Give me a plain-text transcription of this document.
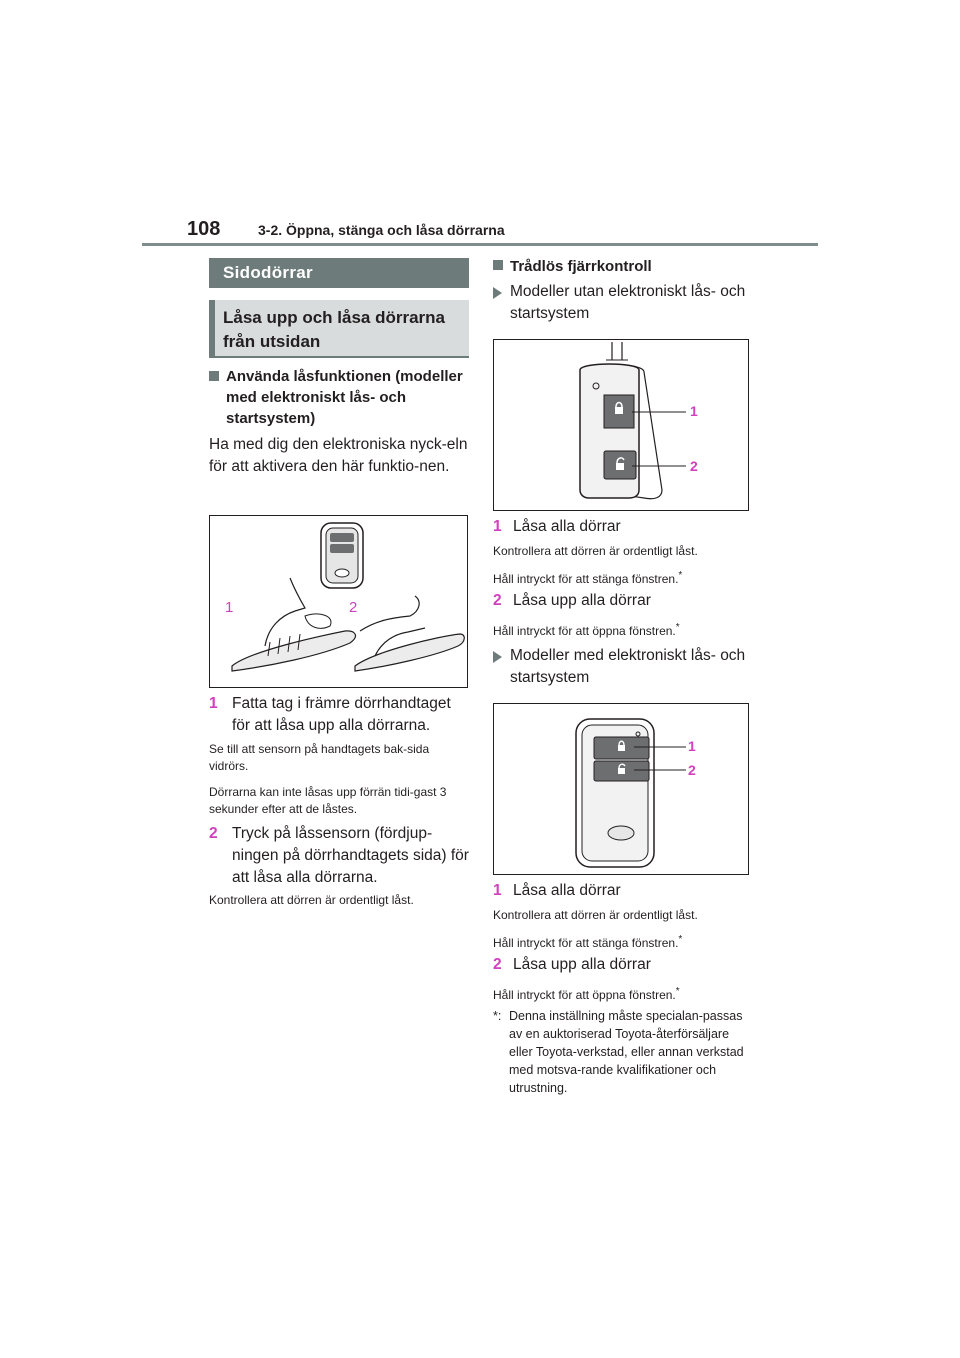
108	3-2. Öppna, stänga och låsa dörrarna
Sidodörrar
Låsa upp och låsa dörrarna från utsidan
Använda låsfunktionen (modeller med elektroniskt lås- och startsystem)
Ha med dig den elektroniska nyck-eln för att aktivera den här funktio-nen.
1	2
1 Fatta tag i främre dörrhandtaget för att låsa upp alla dörrarna.
Se till att sensorn på handtagets bak-sida vidrörs.
Dörrarna kan inte låsas upp förrän tidi-gast 3 sekunder efter att de låstes.
2 Tryck på låssensorn (fördjup-ningen på dörrhandtagets sida) för att låsa alla dörrarna.
Kontrollera att dörren är ordentligt låst.
Trådlös fjärrkontroll
Modeller utan elektroniskt lås- och startsystem
1
2
1 Låsa alla dörrar
Kontrollera att dörren är ordentligt låst.
Håll intryckt för att stänga fönstren.*
2 Låsa upp alla dörrar
Håll intryckt för att öppna fönstren.*
Modeller med elektroniskt lås- och startsystem
1
2
1 Låsa alla dörrar
Kontrollera att dörren är ordentligt låst.
Håll intryckt för att stänga fönstren.*
2 Låsa upp alla dörrar
Håll intryckt för att öppna fönstren.*
*: Denna inställning måste specialan-passas av en auktoriserad Toyota-återförsäljare eller Toyota-verkstad, eller annan verkstad med motsva-rande kvalifikationer och utrustning.
